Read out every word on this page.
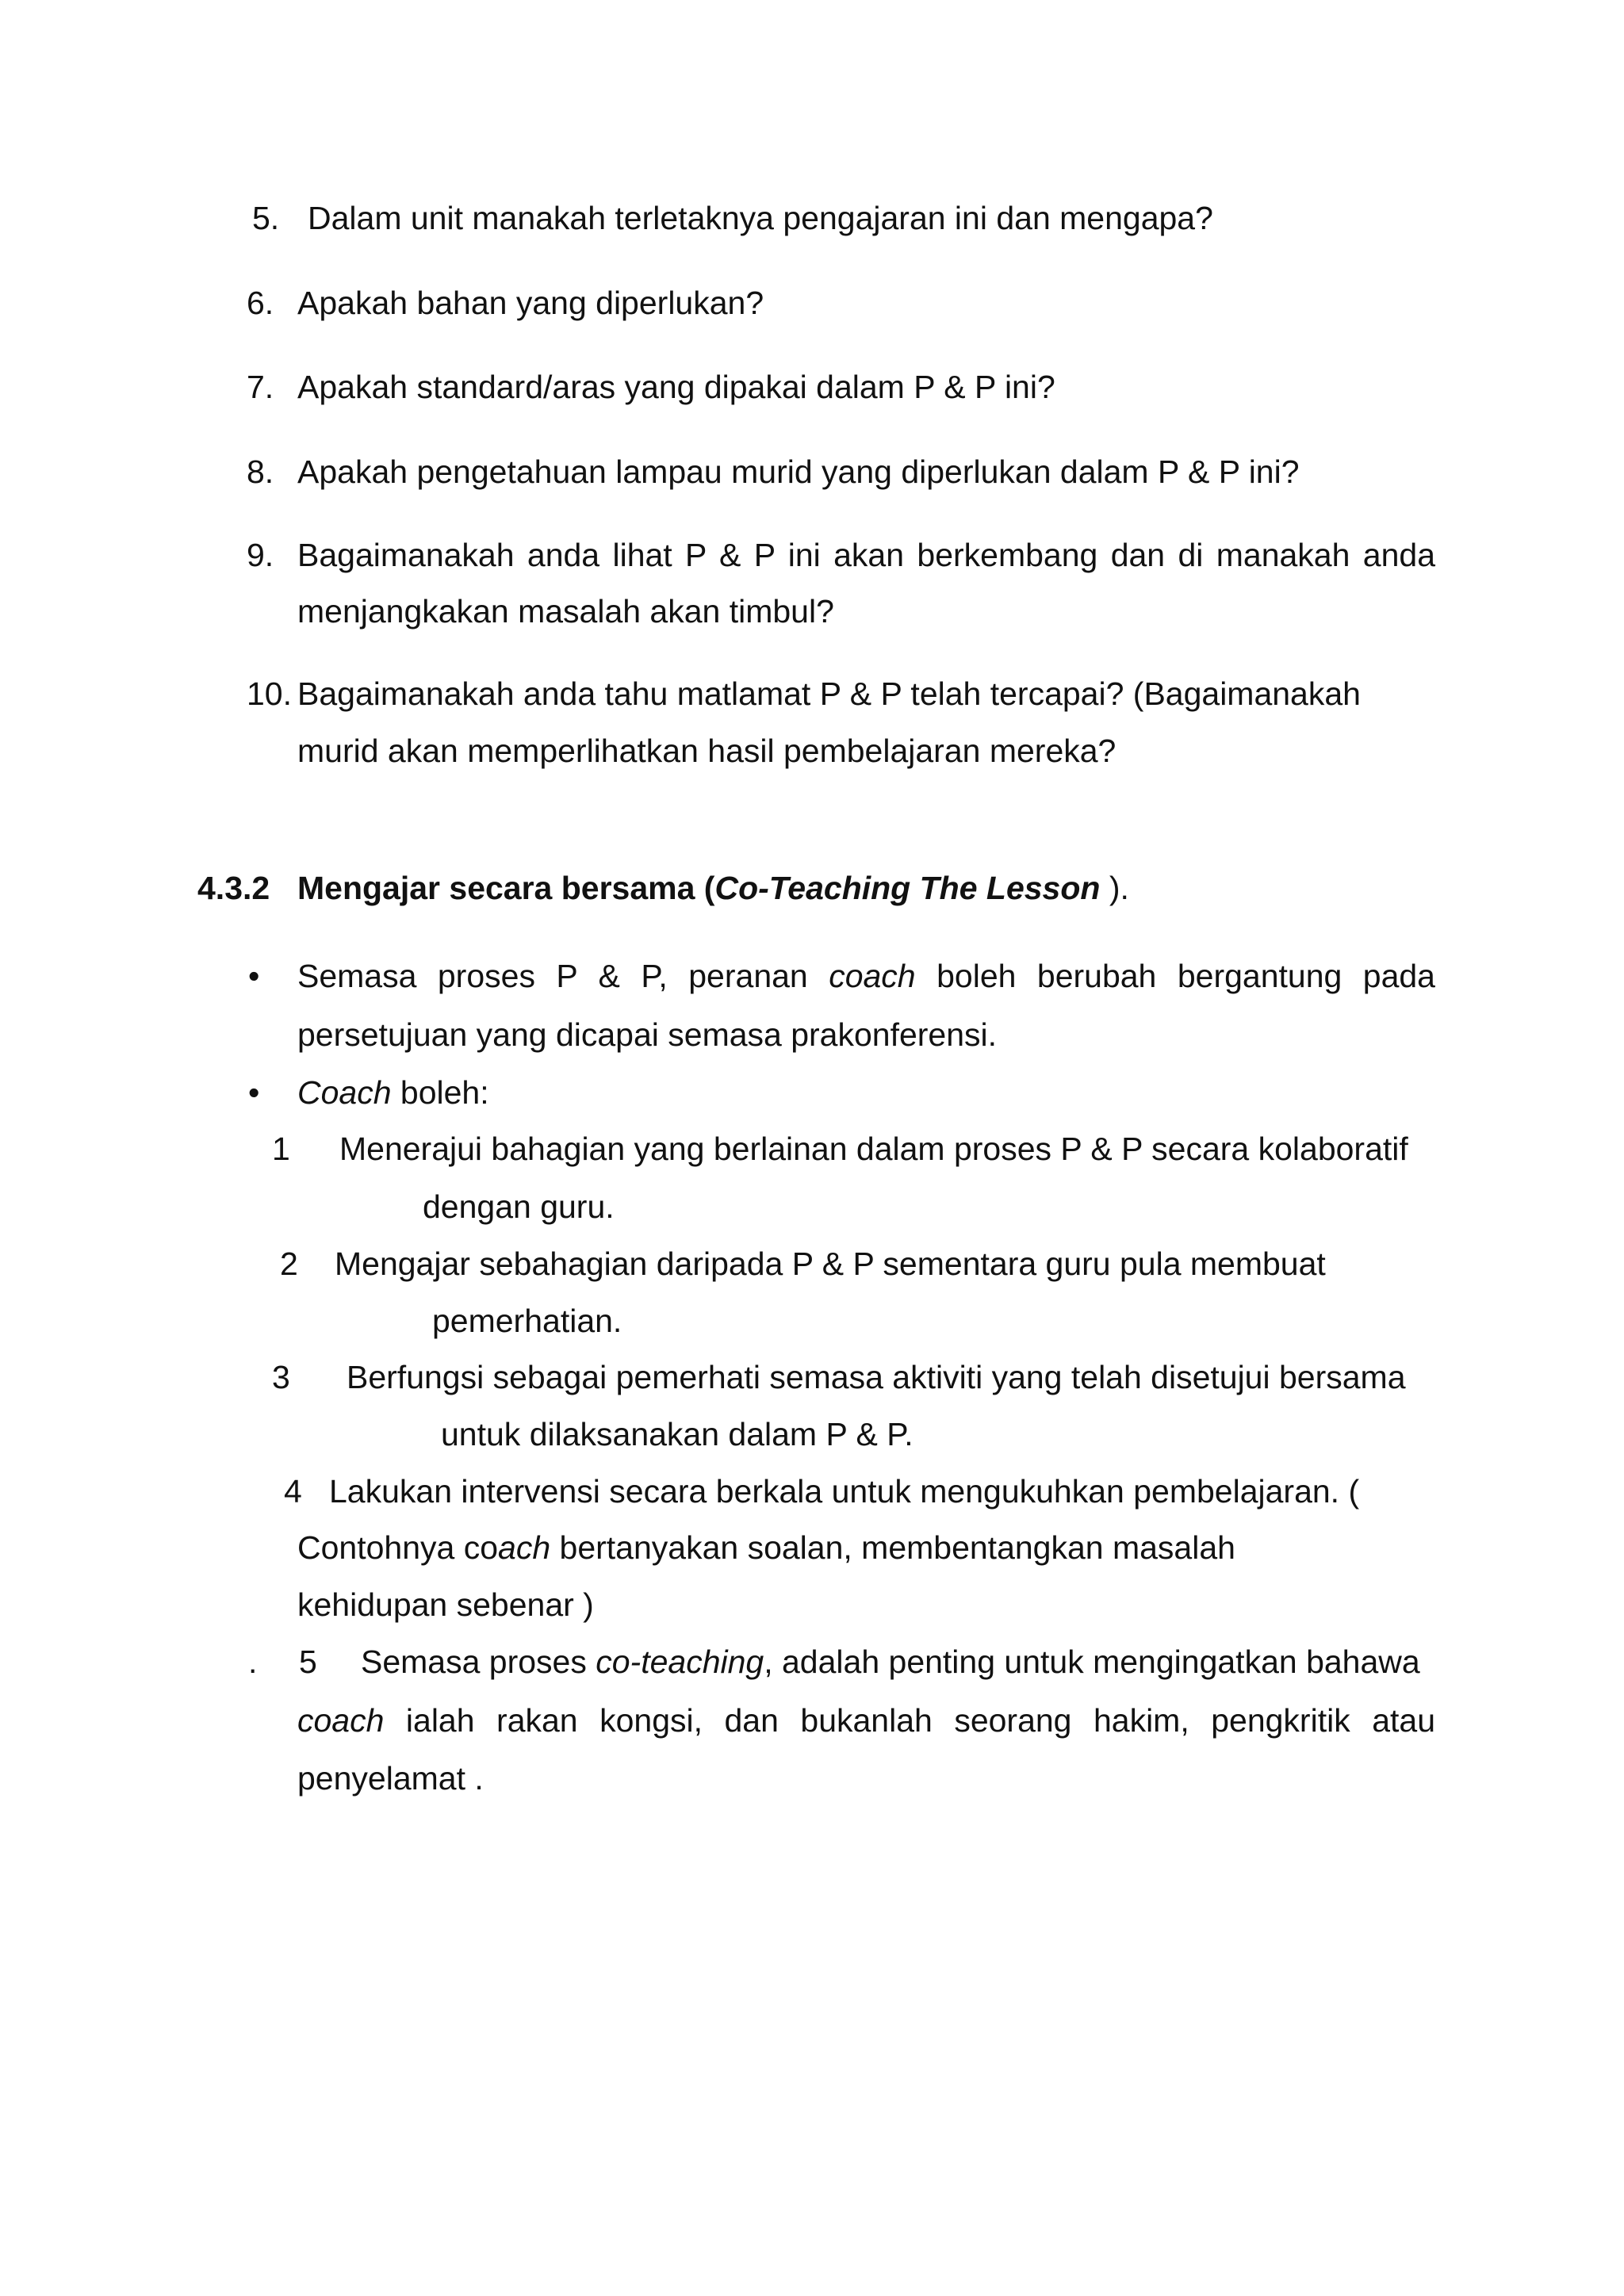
5. Dalam unit manakah terletaknya pengajaran ini dan mengapa?
6. Apakah bahan yang diperlukan?
7. Apakah standard/aras yang dipakai dalam P & P ini?
8. Apakah pengetahuan lampau murid yang diperlukan dalam P & P ini?
9. Bagaimanakah anda lihat P & P ini akan berkembang dan di manakah anda
menjangkakan masalah akan timbul?
10. Bagaimanakah anda tahu matlamat P & P telah tercapai? (Bagaimanakah
murid akan memperlihatkan hasil pembelajaran mereka?
4.3.2 Mengajar secara bersama (Co-Teaching The Lesson ).
• Semasa proses P & P, peranan coach boleh berubah bergantung pada
persetujuan yang dicapai semasa prakonferensi.
• Coach boleh:
1 Menerajui bahagian yang berlainan dalam proses P & P secara kolaboratif
dengan guru.
2 Mengajar sebahagian daripada P & P sementara guru pula membuat
pemerhatian.
3 Berfungsi sebagai pemerhati semasa aktiviti yang telah disetujui bersama
untuk dilaksanakan dalam P & P.
4 Lakukan intervensi secara berkala untuk mengukuhkan pembelajaran. (
Contohnya coach bertanyakan soalan, membentangkan masalah
kehidupan sebenar )
. 5 Semasa proses co-teaching, adalah penting untuk mengingatkan bahawa
coach ialah rakan kongsi, dan bukanlah seorang hakim, pengkritik atau
penyelamat .
